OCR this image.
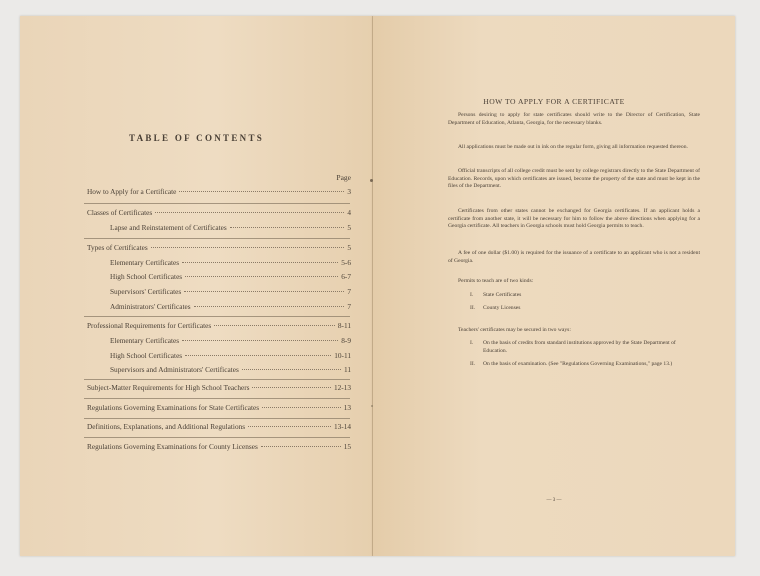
TABLE OF CONTENTS
Page
How to Apply for a Certificate	3
Classes of Certificates	4
Lapse and Reinstatement of Certificates	5
Types of Certificates	5
Elementary Certificates	5-6
High School Certificates	6-7
Supervisors' Certificates	7
Administrators' Certificates	7
Professional Requirements for Certificates	8-11
Elementary Certificates	8-9
High School Certificates	10-11
Supervisors and Administrators' Certificates	11
Subject-Matter Requirements for High School Teachers	12-13
Regulations Governing Examinations for State Certificates	13
Definitions, Explanations, and Additional Regulations	13-14
Regulations Governing Examinations for County Licenses	15
HOW TO APPLY FOR A CERTIFICATE
Persons desiring to apply for state certificates should write to the Director of Certification, State Department of Education, Atlanta, Georgia, for the necessary blanks.
All applications must be made out in ink on the regular form, giving all information requested thereon.
Official transcripts of all college credit must be sent by college registrars directly to the State Department of Education. Records, upon which certificates are issued, become the property of the state and must be kept in the files of the Department.
Certificates from other states cannot be exchanged for Georgia certificates. If an applicant holds a certificate from another state, it will be necessary for him to follow the above directions when applying for a Georgia certificate. All teachers in Georgia schools must hold Georgia permits to teach.
A fee of one dollar ($1.00) is required for the issuance of a certificate to an applicant who is not a resident of Georgia.
Permits to teach are of two kinds:
I. State Certificates
II. County Licenses
Teachers' certificates may be secured in two ways:
I. On the basis of credits from standard institutions approved by the State Department of Education.
II. On the basis of examination. (See "Regulations Governing Examinations," page 13.)
— 3 —
